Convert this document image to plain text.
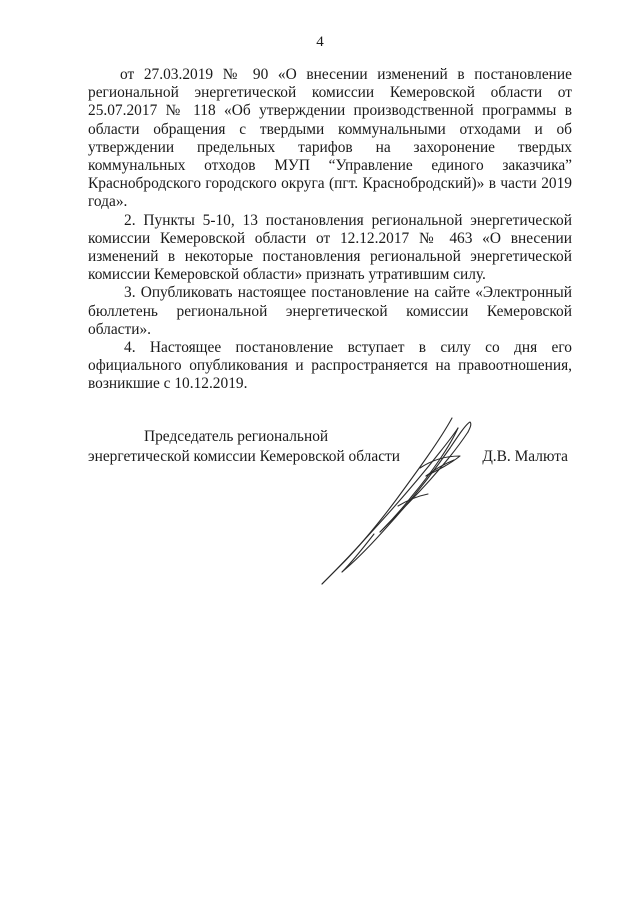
4

от 27.03.2019 № 90 «О внесении изменений в постановление региональной энергетической комиссии Кемеровской области от 25.07.2017 № 118 «Об утверждении производственной программы в области обращения с твердыми коммунальными отходами и об утверждении предельных тарифов на захоронение твердых коммунальных отходов МУП “Управление единого заказчика” Краснобродского городского округа (пгт. Краснобродский)» в части 2019 года».

2. Пункты 5-10, 13 постановления региональной энергетической комиссии Кемеровской области от 12.12.2017 № 463 «О внесении изменений в некоторые постановления региональной энергетической комиссии Кемеровской области» признать утратившим силу.

3. Опубликовать настоящее постановление на сайте «Электронный бюллетень региональной энергетической комиссии Кемеровской области».

4. Настоящее постановление вступает в силу со дня его официального опубликования и распространяется на правоотношения, возникшие с 10.12.2019.

Председатель региональной
энергетической комиссии Кемеровской области	Д.В. Малюта
